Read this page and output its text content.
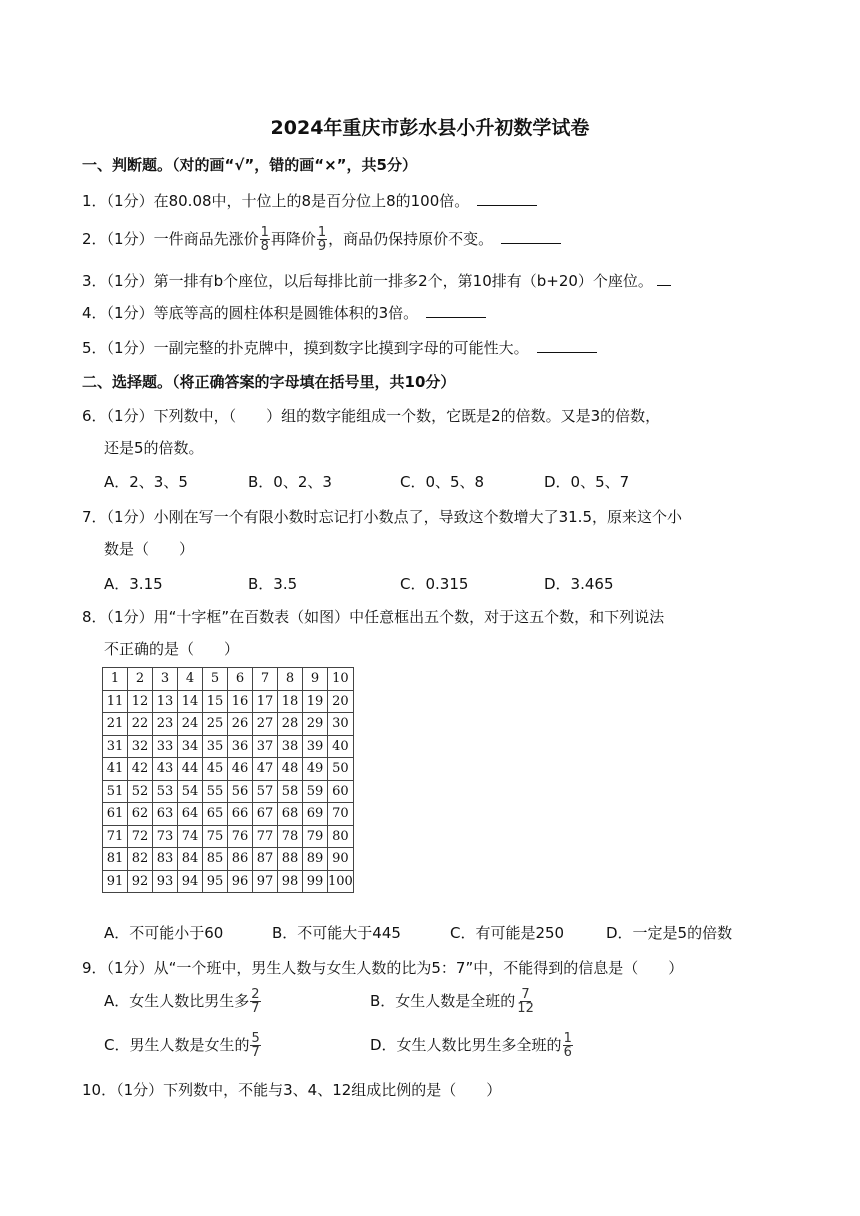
2024年重庆市彭水县小升初数学试卷
一、判断题。（对的画“√”，错的画“×”，共5分）
1．（1分）在80.08中，十位上的8是百分位上8的100倍。
2．（1分）一件商品先涨价 $\frac{1}{8}$ 再降价 $\frac{1}{9}$ ，商品仍保持原价不变。
3．（1分）第一排有b个座位，以后每排比前一排多2个，第10排有（b+20）个座位。
4．（1分）等底等高的圆柱体积是圆锥体积的3倍。
5．（1分）一副完整的扑克牌中，摸到数字比摸到字母的可能性大。
二、选择题。（将正确答案的字母填在括号里，共10分）
6．（1分）下列数中，（　　）组的数字能组成一个数，它既是2的倍数。又是3的倍数，
还是5的倍数。
A．2、3、5	B．0、2、3	C．0、5、8	D．0、5、7
7．（1分）小刚在写一个有限小数时忘记打小数点了，导致这个数增大了31.5，原来这个小
数是（　　）
A．3.15	B．3.5	C．0.315	D．3.465
8．（1分）用“十字框”在百数表（如图）中任意框出五个数，对于这五个数，和下列说法
不正确的是（　　）
1	2	3	4	5	6	7	8	9	10
11	12	13	14	15	16	17	18	19	20
21	22	23	24	25	26	27	28	29	30
31	32	33	34	35	36	37	38	39	40
41	42	43	44	45	46	47	48	49	50
51	52	53	54	55	56	57	58	59	60
61	62	63	64	65	66	67	68	69	70
71	72	73	74	75	76	77	78	79	80
81	82	83	84	85	86	87	88	89	90
91	92	93	94	95	96	97	98	99	100
A．不可能小于60	B．不可能大于445	C．有可能是250	D．一定是5的倍数
9．（1分）从“一个班中，男生人数与女生人数的比为5：7”中，不能得到的信息是（　　）
A．女生人数比男生多 $\frac{2}{7}$	B．女生人数是全班的 $\frac{7}{12}$
C．男生人数是女生的 $\frac{5}{7}$	D．女生人数比男生多全班的 $\frac{1}{6}$
10．（1分）下列数中，不能与3、4、12组成比例的是（　　）
